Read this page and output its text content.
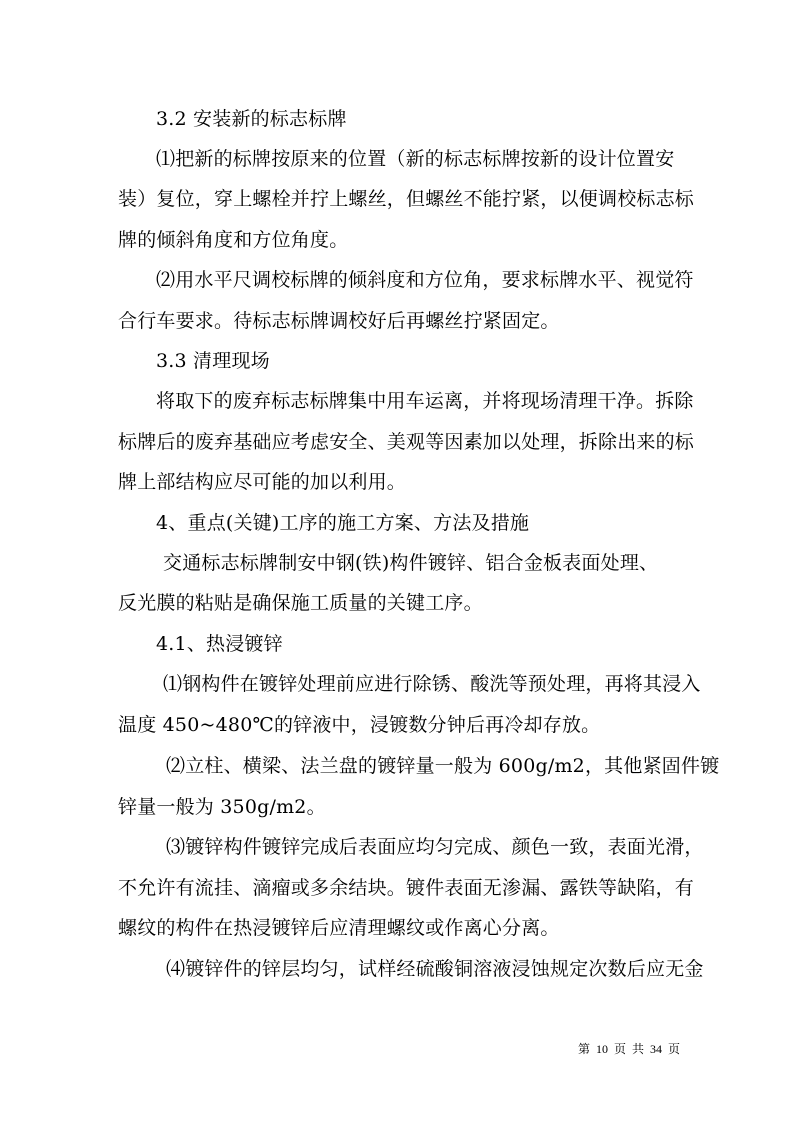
3.2 安装新的标志标牌
⑴把新的标牌按原来的位置（新的标志标牌按新的设计位置安
装）复位，穿上螺栓并拧上螺丝，但螺丝不能拧紧，以便调校标志标
牌的倾斜角度和方位角度。
⑵用水平尺调校标牌的倾斜度和方位角，要求标牌水平、视觉符
合行车要求。待标志标牌调校好后再螺丝拧紧固定。
3.3 清理现场
将取下的废弃标志标牌集中用车运离，并将现场清理干净。拆除
标牌后的废弃基础应考虑安全、美观等因素加以处理，拆除出来的标
牌上部结构应尽可能的加以利用。
4、重点(关键)工序的施工方案、方法及措施
交通标志标牌制安中钢(铁)构件镀锌、铝合金板表面处理、
反光膜的粘贴是确保施工质量的关键工序。
4.1、热浸镀锌
⑴钢构件在镀锌处理前应进行除锈、酸洗等预处理，再将其浸入
温度 450~480℃的锌液中，浸镀数分钟后再冷却存放。
⑵立柱、横梁、法兰盘的镀锌量一般为 600g/m2，其他紧固件镀
锌量一般为 350g/m2。
⑶镀锌构件镀锌完成后表面应均匀完成、颜色一致，表面光滑，
不允许有流挂、滴瘤或多余结块。镀件表面无渗漏、露铁等缺陷，有
螺纹的构件在热浸镀锌后应清理螺纹或作离心分离。
⑷镀锌件的锌层均匀，试样经硫酸铜溶液浸蚀规定次数后应无金
第 10 页 共 34 页
